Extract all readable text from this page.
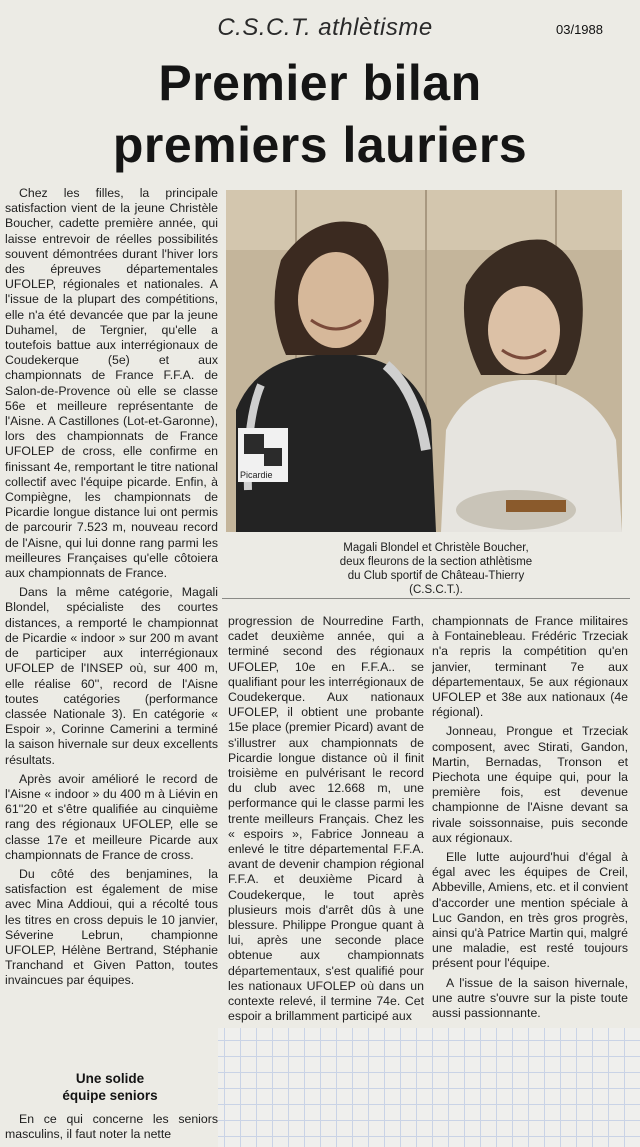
C.S.C.T. athlètisme	03/1988
Premier bilan
premiers lauriers

Chez les filles, la principale satisfaction vient de la jeune Christèle Boucher, cadette première année, qui laisse entrevoir de réelles possibilités souvent démontrées durant l'hiver lors des épreuves départementales UFOLEP, régionales et nationales. A l'issue de la plupart des compétitions, elle n'a été devancée que par la jeune Duhamel, de Tergnier, qu'elle a toutefois battue aux interrégionaux de Coudekerque (5e) et aux championnats de France F.F.A. de Salon-de-Provence où elle se classe 56e et meilleure représentante de l'Aisne. A Castillones (Lot-et-Garonne), lors des championnats de France UFOLEP de cross, elle confirme en finissant 4e, remportant le titre national collectif avec l'équipe picarde. Enfin, à Compiègne, les championnats de Picardie longue distance lui ont permis de parcourir 7.523 m, nouveau record de l'Aisne, qui lui donne rang parmi les meilleures Françaises qu'elle côtoiera aux championnats de France.

Dans la même catégorie, Magali Blondel, spécialiste des courtes distances, a remporté le championnat de Picardie « indoor » sur 200 m avant de participer aux interrégionaux UFOLEP de l'INSEP où, sur 400 m, elle réalise 60'', record de l'Aisne toutes catégories (performance classée Nationale 3). En catégorie « Espoir », Corinne Camerini a terminé la saison hivernale sur deux excellents résultats.

Après avoir amélioré le record de l'Aisne « indoor » du 400 m à Liévin en 61''20 et s'être qualifiée au cinquième rang des régionaux UFOLEP, elle se classe 17e et meilleure Picarde aux championnats de France de cross.

Du côté des benjamines, la satisfaction est également de mise avec Mina Addioui, qui a récolté tous les titres en cross depuis le 10 janvier, Séverine Lebrun, championne UFOLEP, Hélène Bertrand, Stéphanie Tranchand et Given Patton, toutes invaincues par équipes.

Une solide
équipe seniors
En ce qui concerne les seniors masculins, il faut noter la nette
Picardie
Magali Blondel et Christèle Boucher, deux fleurons de la section athlètisme du Club sportif de Château-Thierry (C.S.C.T.).

progression de Nourredine Farth, cadet deuxième année, qui a terminé second des régionaux UFOLEP, 10e en F.F.A.. se qualifiant pour les interrégionaux de Coudekerque. Aux nationaux UFOLEP, il obtient une probante 15e place (premier Picard) avant de s'illustrer aux championnats de Picardie longue distance où il finit troisième en pulvérisant le record du club avec 12.668 m, une performance qui le classe parmi les trente meilleurs Français. Chez les « espoirs », Fabrice Jonneau a enlevé le titre départemental F.F.A. avant de devenir champion régional F.F.A. et deuxième Picard à Coudekerque, le tout après plusieurs mois d'arrêt dûs à une blessure. Philippe Prongue quant à lui, après une seconde place obtenue aux championnats départementaux, s'est qualifié pour les nationaux UFOLEP où dans un contexte relevé, il termine 74e. Cet espoir a brillamment participé aux

championnats de France militaires à Fontainebleau. Frédéric Trzeciak n'a repris la compétition qu'en janvier, terminant 7e aux départementaux, 5e aux régionaux UFOLEP et 38e aux nationaux (4e régional).

Jonneau, Prongue et Trzeciak composent, avec Stirati, Gandon, Martin, Bernadas, Tronson et Piechota une équipe qui, pour la première fois, est devenue championne de l'Aisne devant sa rivale soissonnaise, puis seconde aux régionaux.

Elle lutte aujourd'hui d'égal à égal avec les équipes de Creil, Abbeville, Amiens, etc. et il convient d'accorder une mention spéciale à Luc Gandon, en très gros progrès, ainsi qu'à Patrice Martin qui, malgré une maladie, est resté toujours présent pour l'équipe.

A l'issue de la saison hivernale, une autre s'ouvre sur la piste toute aussi passionnante.
